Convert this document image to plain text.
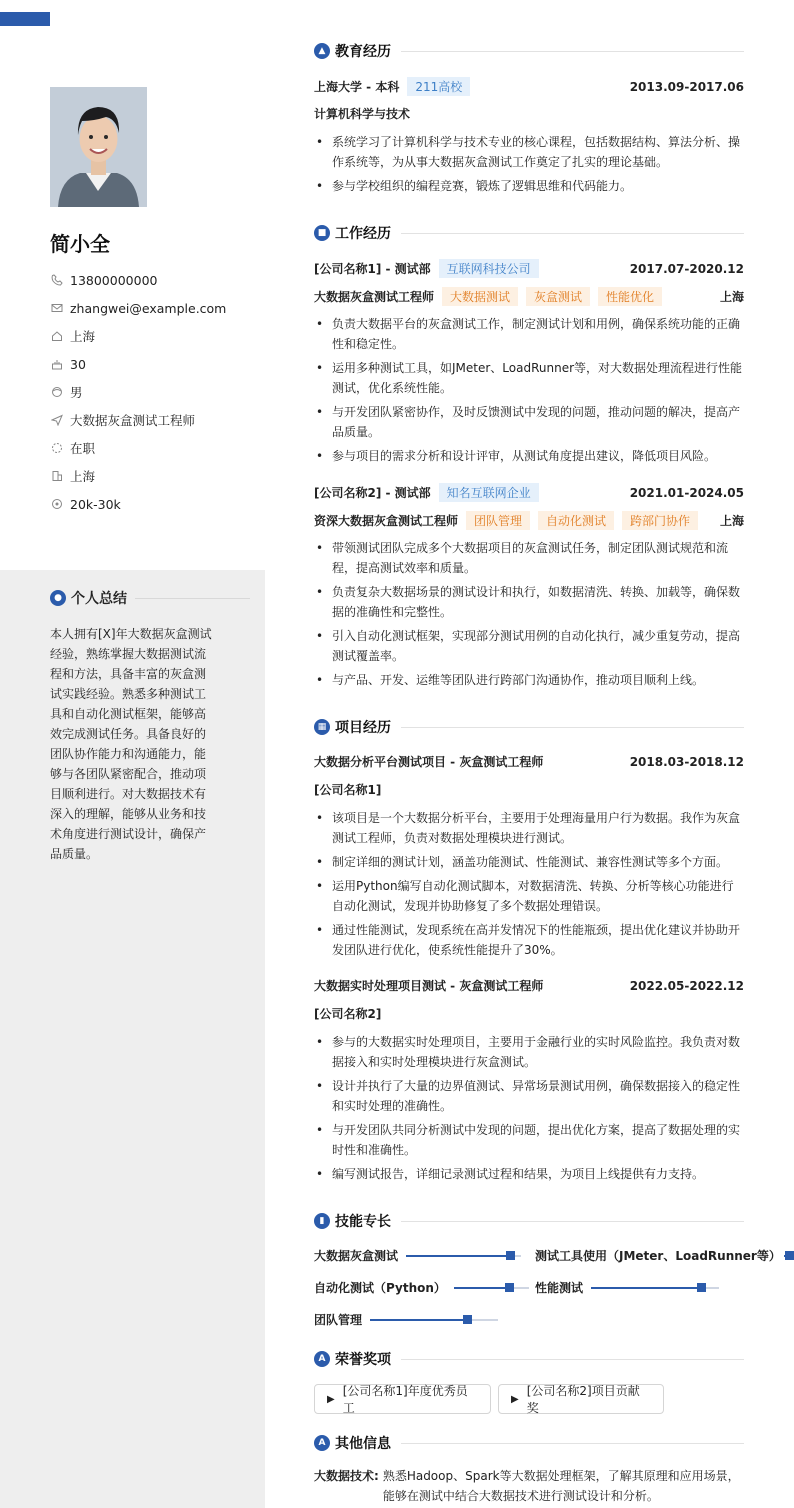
简小全
13800000000
zhangwei@example.com
上海
30
男
大数据灰盒测试工程师
在职
上海
20k-30k
● 个人总结
本人拥有[X]年大数据灰盒测试经验，熟练掌握大数据测试流程和方法，具备丰富的灰盒测试实践经验。熟悉多种测试工具和自动化测试框架，能够高效完成测试任务。具备良好的团队协作能力和沟通能力，能够与各团队紧密配合，推动项目顺利进行。对大数据技术有深入的理解，能够从业务和技术角度进行测试设计，确保产品质量。
▲ 教育经历
上海大学 - 本科	211高校	2013.09-2017.06
计算机科学与技术
• 系统学习了计算机科学与技术专业的核心课程，包括数据结构、算法分析、操作系统等，为从事大数据灰盒测试工作奠定了扎实的理论基础。
• 参与学校组织的编程竞赛，锻炼了逻辑思维和代码能力。
■ 工作经历
[公司名称1] - 测试部	互联网科技公司	2017.07-2020.12
大数据灰盒测试工程师	大数据测试	灰盒测试	性能优化	上海
• 负责大数据平台的灰盒测试工作，制定测试计划和用例，确保系统功能的正确性和稳定性。
• 运用多种测试工具，如JMeter、LoadRunner等，对大数据处理流程进行性能测试，优化系统性能。
• 与开发团队紧密协作，及时反馈测试中发现的问题，推动问题的解决，提高产品质量。
• 参与项目的需求分析和设计评审，从测试角度提出建议，降低项目风险。
[公司名称2] - 测试部	知名互联网企业	2021.01-2024.05
资深大数据灰盒测试工程师	团队管理	自动化测试	跨部门协作	上海
• 带领测试团队完成多个大数据项目的灰盒测试任务，制定团队测试规范和流程，提高测试效率和质量。
• 负责复杂大数据场景的测试设计和执行，如数据清洗、转换、加载等，确保数据的准确性和完整性。
• 引入自动化测试框架，实现部分测试用例的自动化执行，减少重复劳动，提高测试覆盖率。
• 与产品、开发、运维等团队进行跨部门沟通协作，推动项目顺利上线。
▦ 项目经历
大数据分析平台测试项目 - 灰盒测试工程师	2018.03-2018.12
[公司名称1]
• 该项目是一个大数据分析平台，主要用于处理海量用户行为数据。我作为灰盒测试工程师，负责对数据处理模块进行测试。
• 制定详细的测试计划，涵盖功能测试、性能测试、兼容性测试等多个方面。
• 运用Python编写自动化测试脚本，对数据清洗、转换、分析等核心功能进行自动化测试，发现并协助修复了多个数据处理错误。
• 通过性能测试，发现系统在高并发情况下的性能瓶颈，提出优化建议并协助开发团队进行优化，使系统性能提升了30%。
大数据实时处理项目测试 - 灰盒测试工程师	2022.05-2022.12
[公司名称2]
• 参与的大数据实时处理项目，主要用于金融行业的实时风险监控。我负责对数据接入和实时处理模块进行灰盒测试。
• 设计并执行了大量的边界值测试、异常场景测试用例，确保数据接入的稳定性和实时处理的准确性。
• 与开发团队共同分析测试中发现的问题，提出优化方案，提高了数据处理的实时性和准确性。
• 编写测试报告，详细记录测试过程和结果，为项目上线提供有力支持。
▮ 技能专长
大数据灰盒测试	测试工具使用（JMeter、LoadRunner等）
自动化测试（Python）	性能测试
团队管理
A 荣誉奖项
▶
[公司名称1]年度优秀员工
▶
[公司名称2]项目贡献奖
A 其他信息
大数据技术: 熟悉Hadoop、Spark等大数据处理框架，了解其原理和应用场景，能够在测试中结合大数据技术进行测试设计和分析。
